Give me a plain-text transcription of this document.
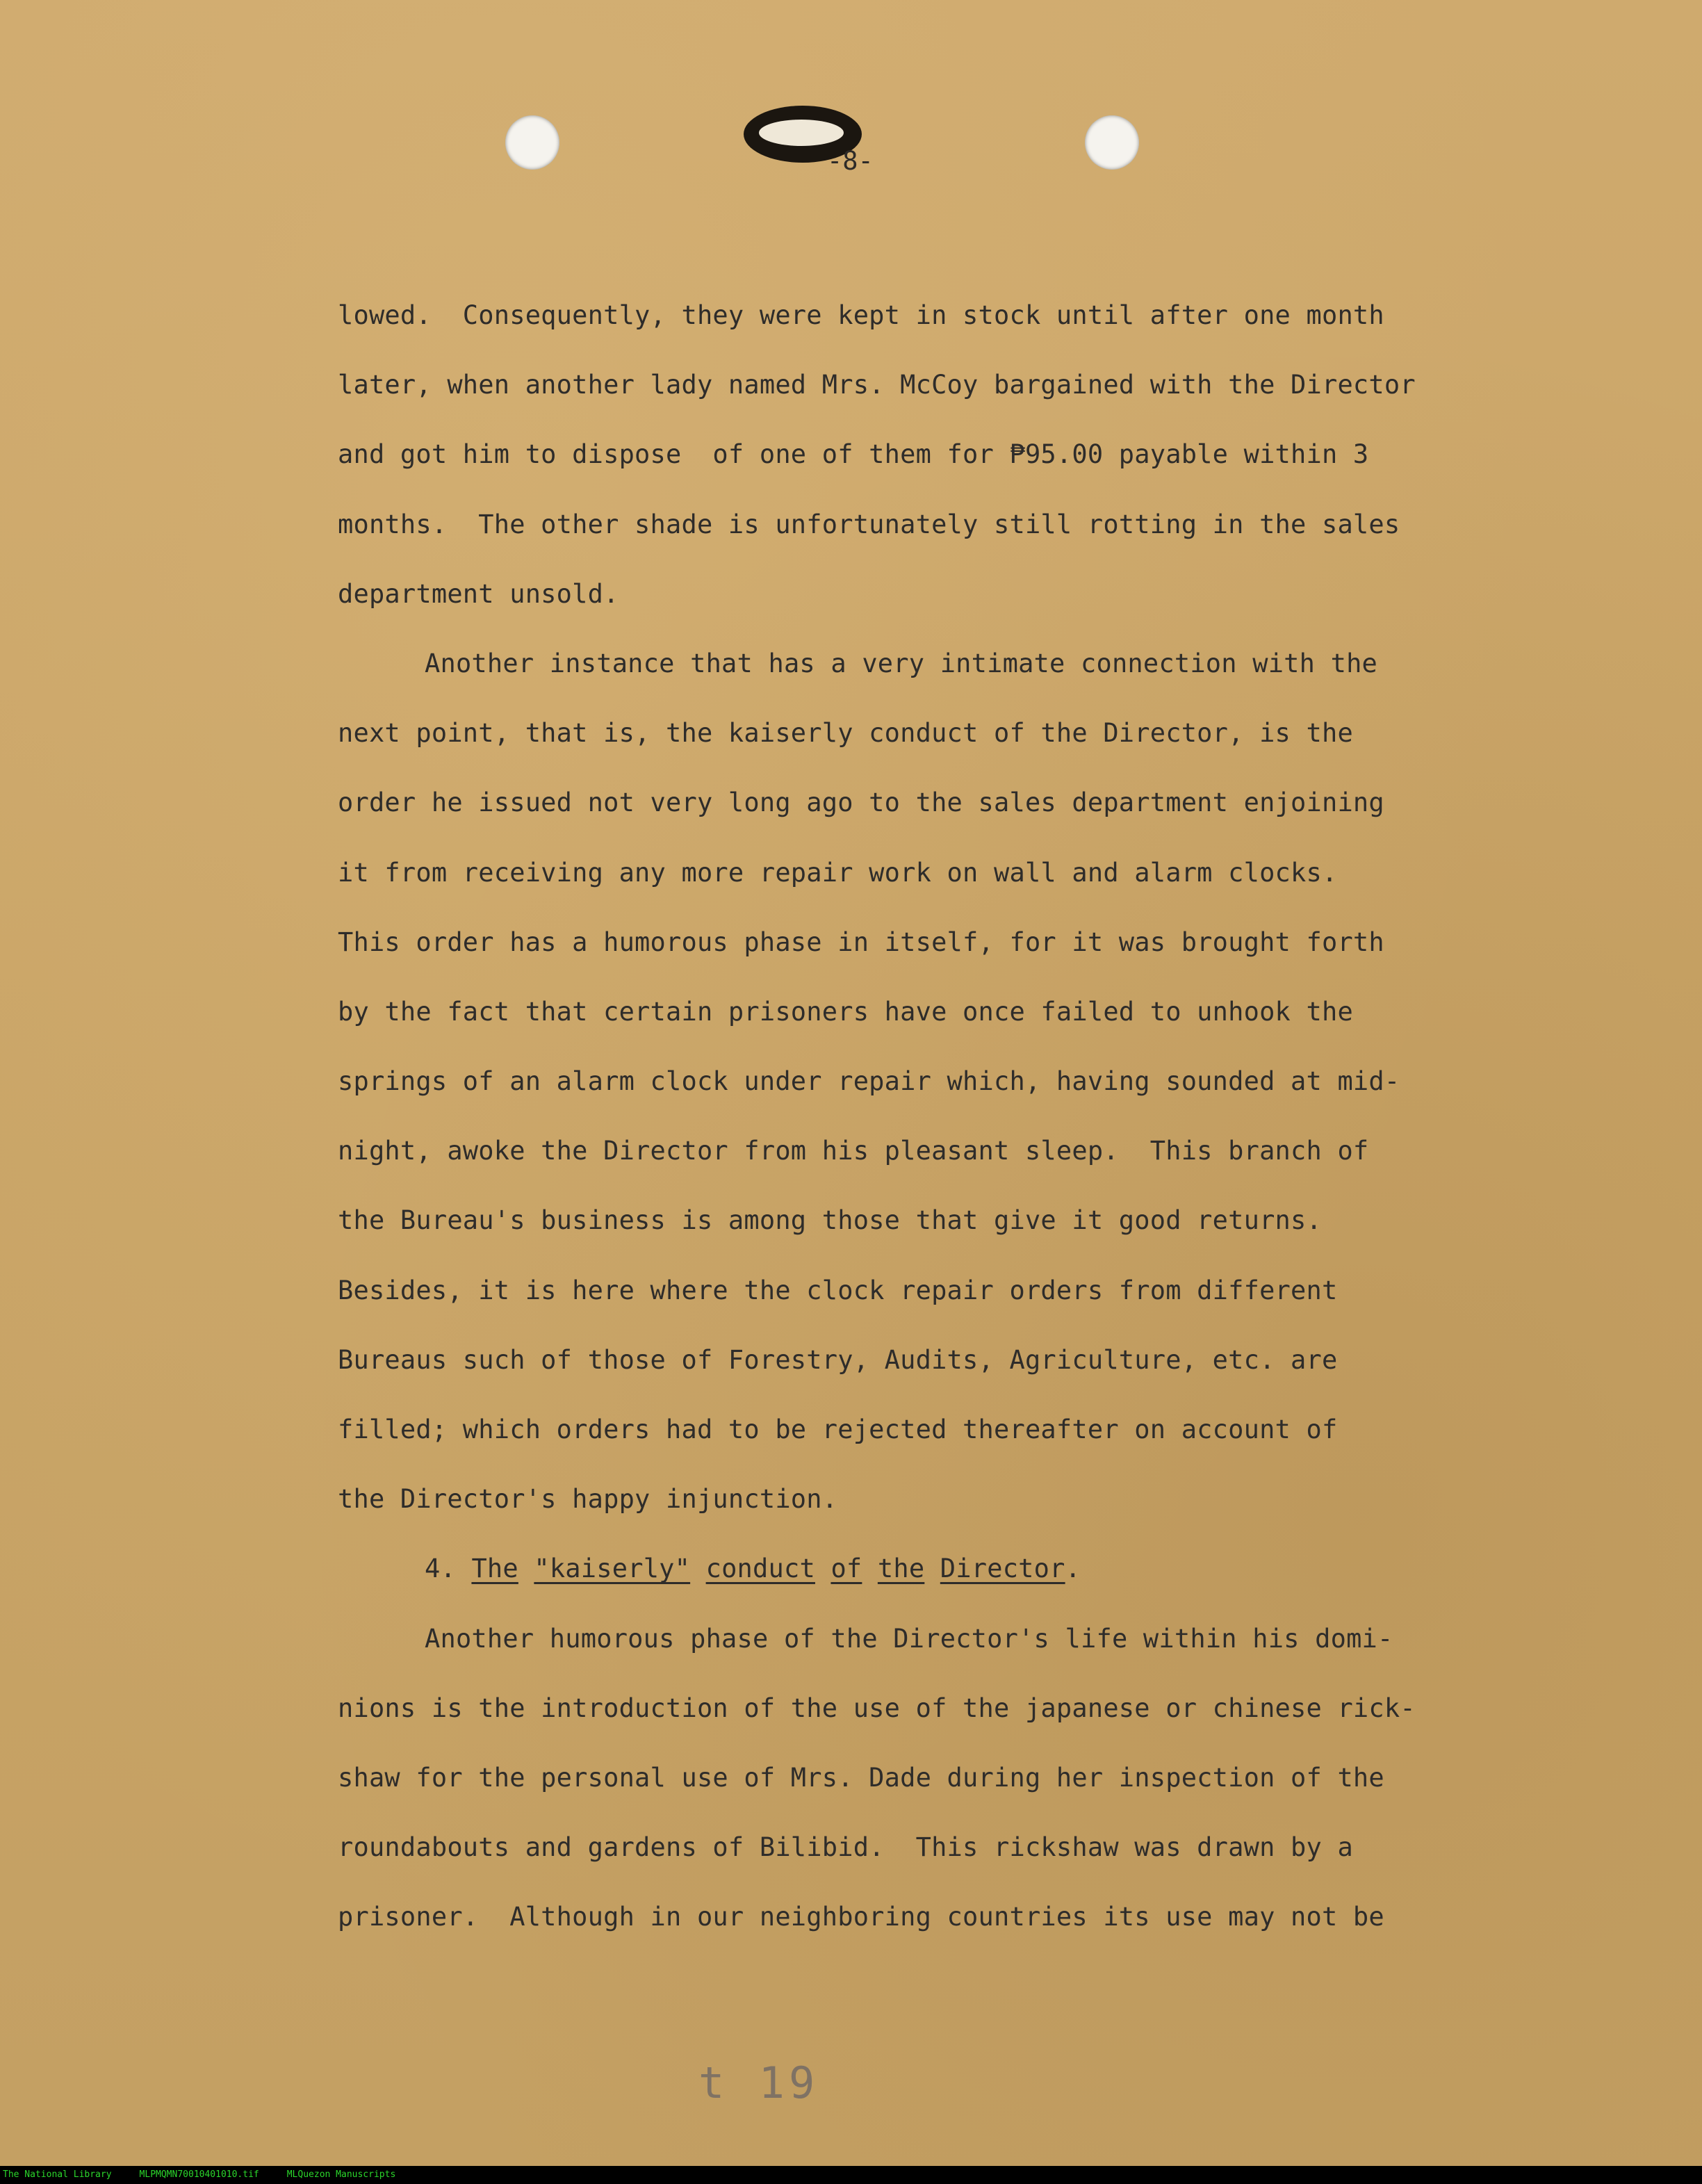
-8-
lowed.  Consequently, they were kept in stock until after one month
later, when another lady named Mrs. McCoy bargained with the Director
and got him to dispose  of one of them for ₱95.00 payable within 3
months.  The other shade is unfortunately still rotting in the sales
department unsold.
Another instance that has a very intimate connection with the
next point, that is, the kaiserly conduct of the Director, is the
order he issued not very long ago to the sales department enjoining
it from receiving any more repair work on wall and alarm clocks.
This order has a humorous phase in itself, for it was brought forth
by the fact that certain prisoners have once failed to unhook the
springs of an alarm clock under repair which, having sounded at mid-
night, awoke the Director from his pleasant sleep.  This branch of
the Bureau's business is among those that give it good returns.
Besides, it is here where the clock repair orders from different
Bureaus such of those of Forestry, Audits, Agriculture, etc. are
filled; which orders had to be rejected thereafter on account of
the Director's happy injunction.
4. The "kaiserly" conduct of the Director.
Another humorous phase of the Director's life within his domi-
nions is the introduction of the use of the japanese or chinese rick-
shaw for the personal use of Mrs. Dade during her inspection of the
roundabouts and gardens of Bilibid.  This rickshaw was drawn by a
prisoner.  Although in our neighboring countries its use may not be
t 19
The National Library	MLPMQMN70010401010.tif	MLQuezon Manuscripts
